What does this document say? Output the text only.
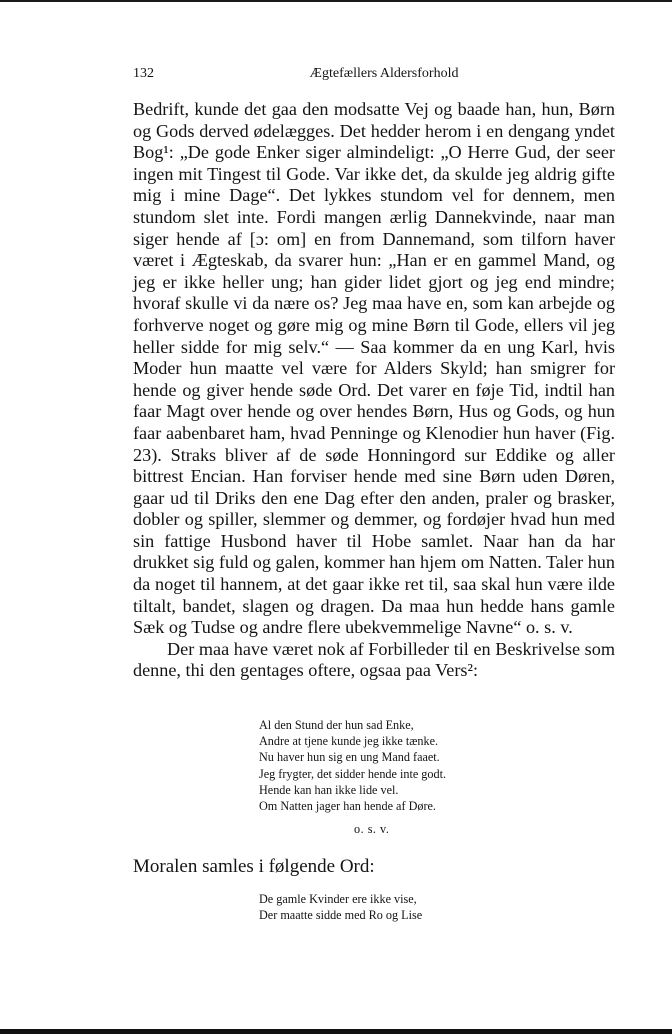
132	Ægtefællers Aldersforhold

Bedrift, kunde det gaa den modsatte Vej og baade han, hun, Børn og Gods derved ødelægges. Det hedder herom i en dengang yndet Bog¹: „De gode Enker siger almindeligt: „O Herre Gud, der seer ingen mit Tingest til Gode. Var ikke det, da skulde jeg aldrig gifte mig i mine Dage“. Det lykkes stundom vel for dennem, men stundom slet inte. Fordi mangen ærlig Dannekvinde, naar man siger hende af [ɔ: om] en from Dannemand, som tilforn haver været i Ægteskab, da svarer hun: „Han er en gammel Mand, og jeg er ikke heller ung; han gider lidet gjort og jeg end mindre; hvoraf skulle vi da nære os? Jeg maa have en, som kan arbejde og forhverve noget og gøre mig og mine Børn til Gode, ellers vil jeg heller sidde for mig selv.“ — Saa kommer da en ung Karl, hvis Moder hun maatte vel være for Alders Skyld; han smigrer for hende og giver hende søde Ord. Det varer en føje Tid, indtil han faar Magt over hende og over hendes Børn, Hus og Gods, og hun faar aabenbaret ham, hvad Penninge og Klenodier hun haver (Fig. 23). Straks bliver af de søde Honningord sur Eddike og aller bittrest Encian. Han forviser hende med sine Børn uden Døren, gaar ud til Driks den ene Dag efter den anden, praler og brasker, dobler og spiller, slemmer og demmer, og fordøjer hvad hun med sin fattige Husbond haver til Hobe samlet. Naar han da har drukket sig fuld og galen, kommer han hjem om Natten. Taler hun da noget til hannem, at det gaar ikke ret til, saa skal hun være ilde tiltalt, bandet, slagen og dragen. Da maa hun hedde hans gamle Sæk og Tudse og andre flere ubekvemmelige Navne“ o. s. v.

Der maa have været nok af Forbilleder til en Beskrivelse som denne, thi den gentages oftere, ogsaa paa Vers²:

Al den Stund der hun sad Enke,
Andre at tjene kunde jeg ikke tænke.
Nu haver hun sig en ung Mand faaet.
Jeg frygter, det sidder hende inte godt.
Hende kan han ikke lide vel.
Om Natten jager han hende af Døre.
o. s. v.

Moralen samles i følgende Ord:

De gamle Kvinder ere ikke vise,
Der maatte sidde med Ro og Lise
